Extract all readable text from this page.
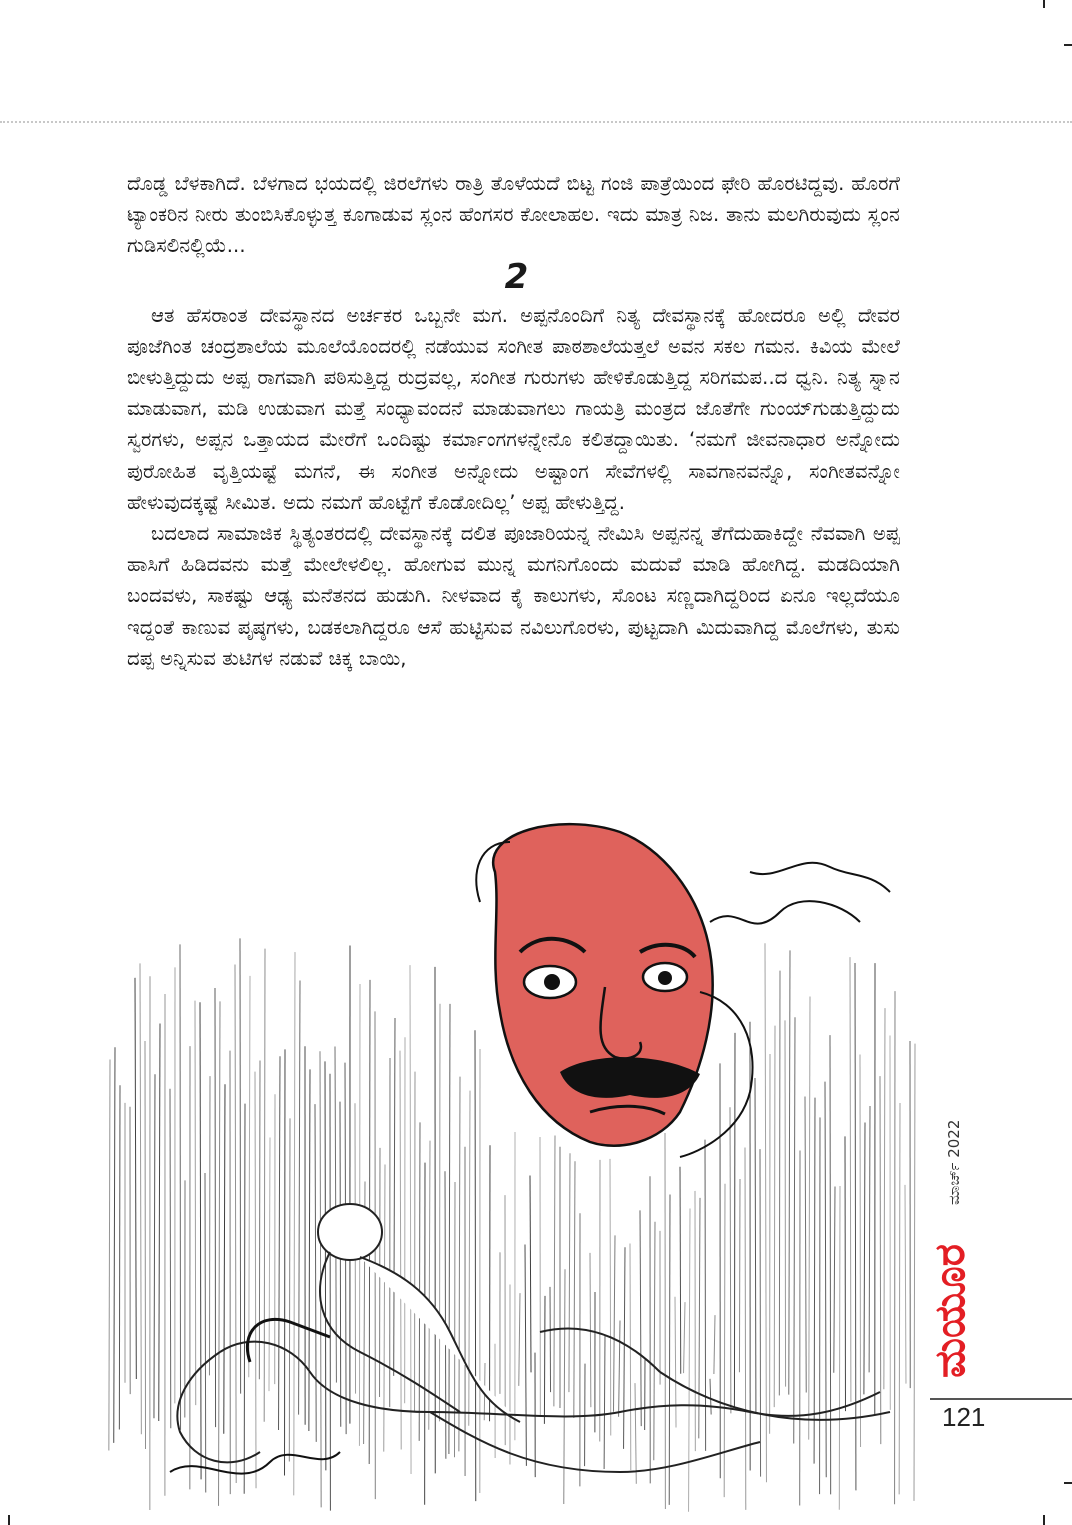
ದೊಡ್ಡ ಬೆಳಕಾಗಿದೆ. ಬೆಳಗಾದ ಭಯದಲ್ಲಿ ಜಿರಲೆಗಳು ರಾತ್ರಿ ತೊಳೆಯದೆ ಬಿಟ್ಟ ಗಂಜಿ ಪಾತ್ರೆಯಿಂದ ಫೇರಿ ಹೊರಟಿದ್ದವು. ಹೊರಗೆ ಟ್ಯಾಂಕರಿನ ನೀರು ತುಂಬಿಸಿಕೊಳ್ಳುತ್ತ ಕೂಗಾಡುವ ಸ್ಲಂನ ಹೆಂಗಸರ ಕೋಲಾಹಲ. ಇದು ಮಾತ್ರ ನಿಜ. ತಾನು ಮಲಗಿರುವುದು ಸ್ಲಂನ ಗುಡಿಸಲಿನಲ್ಲಿಯೆ...

2

ಆತ ಹೆಸರಾಂತ ದೇವಸ್ಥಾನದ ಅರ್ಚಕರ ಒಬ್ಬನೇ ಮಗ. ಅಪ್ಪನೊಂದಿಗೆ ನಿತ್ಯ ದೇವಸ್ಥಾನಕ್ಕೆ ಹೋದರೂ ಅಲ್ಲಿ ದೇವರ ಪೂಜೆಗಿಂತ ಚಂದ್ರಶಾಲೆಯ ಮೂಲೆಯೊಂದರಲ್ಲಿ ನಡೆಯುವ ಸಂಗೀತ ಪಾಠಶಾಲೆಯತ್ತಲೆ ಅವನ ಸಕಲ ಗಮನ. ಕಿವಿಯ ಮೇಲೆ ಬೀಳುತ್ತಿದ್ದುದು ಅಪ್ಪ ರಾಗವಾಗಿ ಪಠಿಸುತ್ತಿದ್ದ ರುದ್ರವಲ್ಲ, ಸಂಗೀತ ಗುರುಗಳು ಹೇಳಿಕೊಡುತ್ತಿದ್ದ ಸರಿಗಮಪ..ದ ಧ್ವನಿ. ನಿತ್ಯ ಸ್ನಾನ ಮಾಡುವಾಗ, ಮಡಿ ಉಡುವಾಗ ಮತ್ತೆ ಸಂಧ್ಯಾವಂದನೆ ಮಾಡುವಾಗಲು ಗಾಯತ್ರಿ ಮಂತ್ರದ ಜೊತೆಗೇ ಗುಂಯ್‌ಗುಡುತ್ತಿದ್ದುದು ಸ್ವರಗಳು, ಅಪ್ಪನ ಒತ್ತಾಯದ ಮೇರೆಗೆ ಒಂದಿಷ್ಟು ಕರ್ಮಾಂಗಗಳನ್ನೇನೊ ಕಲಿತದ್ದಾಯಿತು. ‘ನಮಗೆ ಜೀವನಾಧಾರ ಅನ್ನೋದು ಪುರೋಹಿತ ವೃತ್ತಿಯಷ್ಟೆ ಮಗನೆ, ಈ ಸಂಗೀತ ಅನ್ನೋದು ಅಷ್ಟಾಂಗ ಸೇವೆಗಳಲ್ಲಿ ಸಾವಗಾನವನ್ನೊ, ಸಂಗೀತವನ್ನೋ ಹೇಳುವುದಕ್ಕಷ್ಟೆ ಸೀಮಿತ. ಅದು ನಮಗೆ ಹೊಟ್ಟೆಗೆ ಕೊಡೋದಿಲ್ಲ’ ಅಪ್ಪ ಹೇಳುತ್ತಿದ್ದ.

ಬದಲಾದ ಸಾಮಾಜಿಕ ಸ್ಥಿತ್ಯಂತರದಲ್ಲಿ ದೇವಸ್ಥಾನಕ್ಕೆ ದಲಿತ ಪೂಜಾರಿಯನ್ನ ನೇಮಿಸಿ ಅಪ್ಪನನ್ನ ತೆಗೆದುಹಾಕಿದ್ದೇ ನೆವವಾಗಿ ಅಪ್ಪ ಹಾಸಿಗೆ ಹಿಡಿದವನು ಮತ್ತೆ ಮೇಲೇಳಲಿಲ್ಲ. ಹೋಗುವ ಮುನ್ನ ಮಗನಿಗೊಂದು ಮದುವೆ ಮಾಡಿ ಹೋಗಿದ್ದ. ಮಡದಿಯಾಗಿ ಬಂದವಳು, ಸಾಕಷ್ಟು ಆಢ್ಯ ಮನೆತನದ ಹುಡುಗಿ. ನೀಳವಾದ ಕೈ ಕಾಲುಗಳು, ಸೊಂಟ ಸಣ್ಣದಾಗಿದ್ದರಿಂದ ಏನೂ ಇಲ್ಲದೆಯೂ ಇದ್ದಂತೆ ಕಾಣುವ ಪೃಷ್ಠಗಳು, ಬಡಕಲಾಗಿದ್ದರೂ ಆಸೆ ಹುಟ್ಟಿಸುವ ನವಿಲುಗೊರಳು, ಪುಟ್ಟದಾಗಿ ಮಿದುವಾಗಿದ್ದ ಮೊಲೆಗಳು, ತುಸು ದಪ್ಪ ಅನ್ನಿಸುವ ತುಟಿಗಳ ನಡುವೆ ಚಿಕ್ಕ ಬಾಯಿ,

ಮಾರ್ಚ್ 2022
ಮಯೂರ
121
